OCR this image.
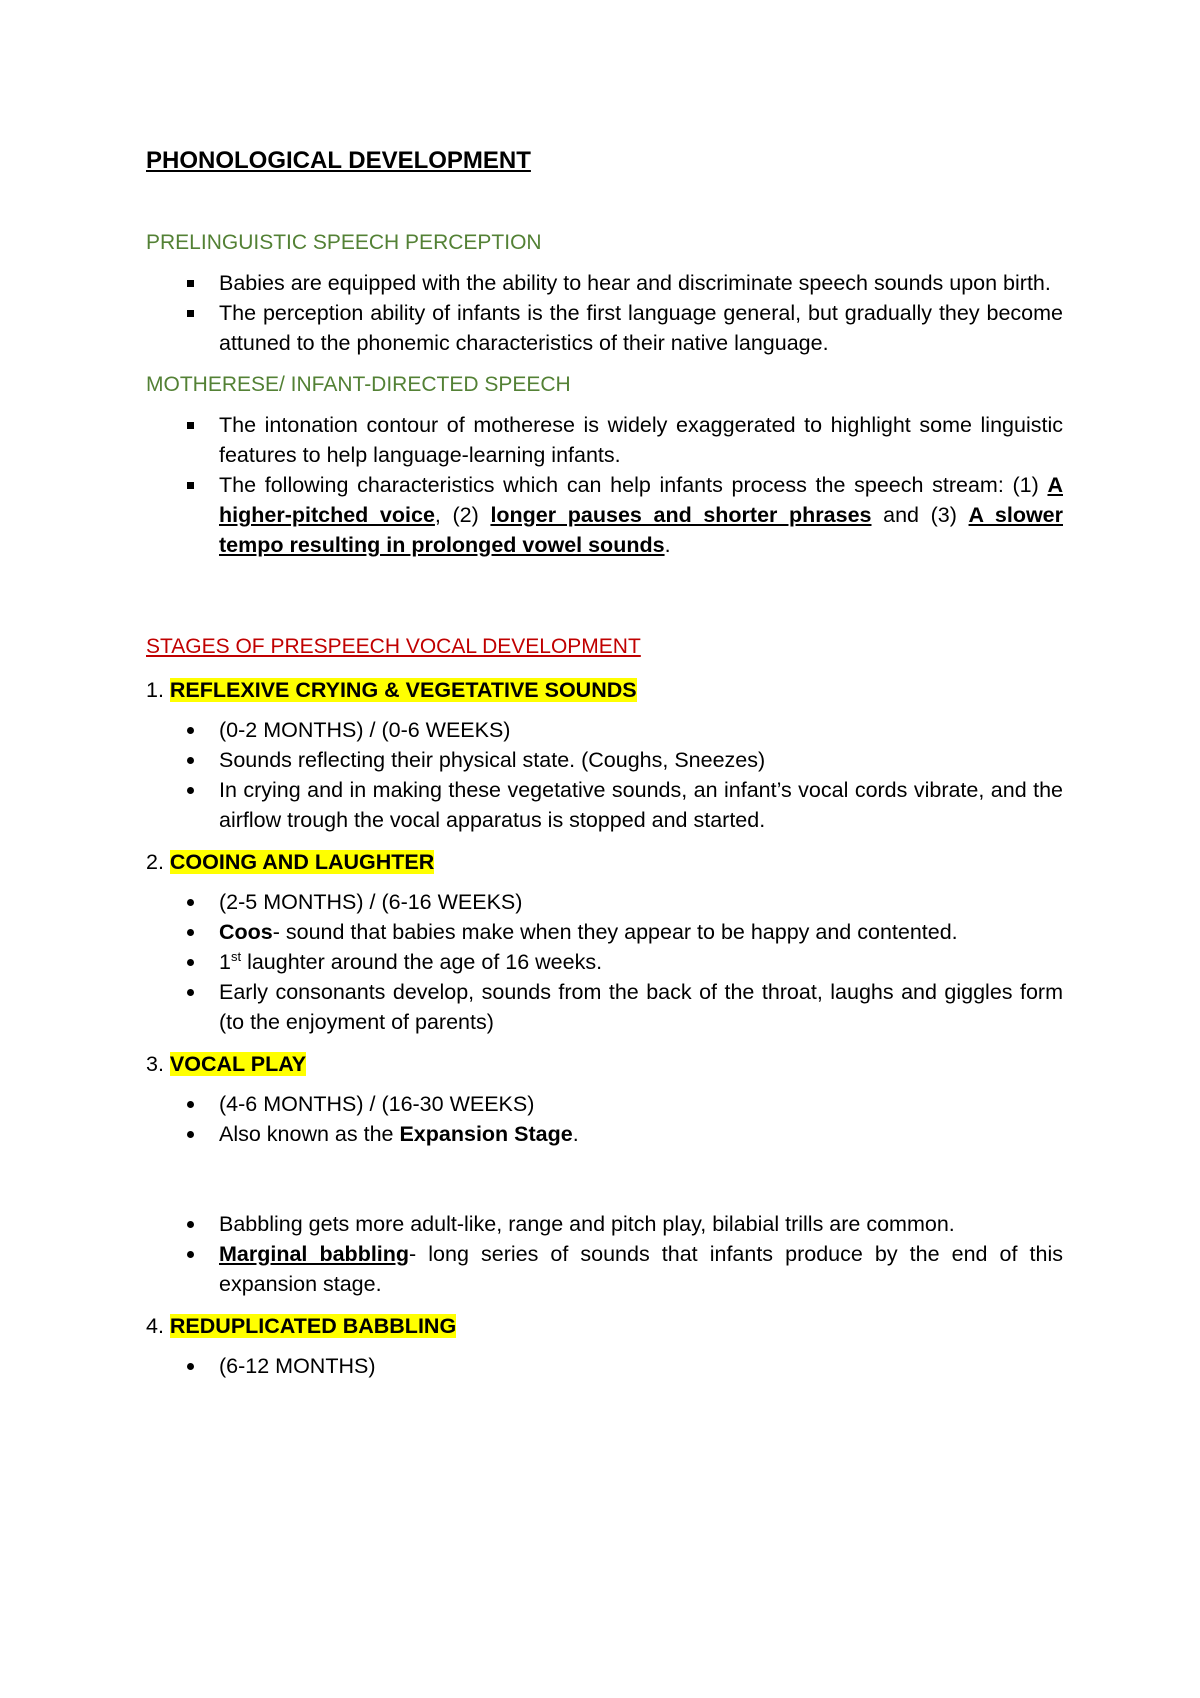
PHONOLOGICAL DEVELOPMENT
PRELINGUISTIC SPEECH PERCEPTION
Babies are equipped with the ability to hear and discriminate speech sounds upon birth.
The perception ability of infants is the first language general, but gradually they become attuned to the phonemic characteristics of their native language.
MOTHERESE/ INFANT-DIRECTED SPEECH
The intonation contour of motherese is widely exaggerated to highlight some linguistic features to help language-learning infants.
The following characteristics which can help infants process the speech stream: (1) A higher-pitched voice, (2) longer pauses and shorter phrases and (3) A slower tempo resulting in prolonged vowel sounds.
STAGES OF PRESPEECH VOCAL DEVELOPMENT
1. REFLEXIVE CRYING & VEGETATIVE SOUNDS
(0-2 MONTHS) / (0-6 WEEKS)
Sounds reflecting their physical state. (Coughs, Sneezes)
In crying and in making these vegetative sounds, an infant’s vocal cords vibrate, and the airflow trough the vocal apparatus is stopped and started.
2. COOING AND LAUGHTER
(2-5 MONTHS) / (6-16 WEEKS)
Coos- sound that babies make when they appear to be happy and contented.
1st laughter around the age of 16 weeks.
Early consonants develop, sounds from the back of the throat, laughs and giggles form (to the enjoyment of parents)
3. VOCAL PLAY
(4-6 MONTHS) / (16-30 WEEKS)
Also known as the Expansion Stage.
Babbling gets more adult-like, range and pitch play, bilabial trills are common.
Marginal babbling- long series of sounds that infants produce by the end of this expansion stage.
4. REDUPLICATED BABBLING
(6-12 MONTHS)
